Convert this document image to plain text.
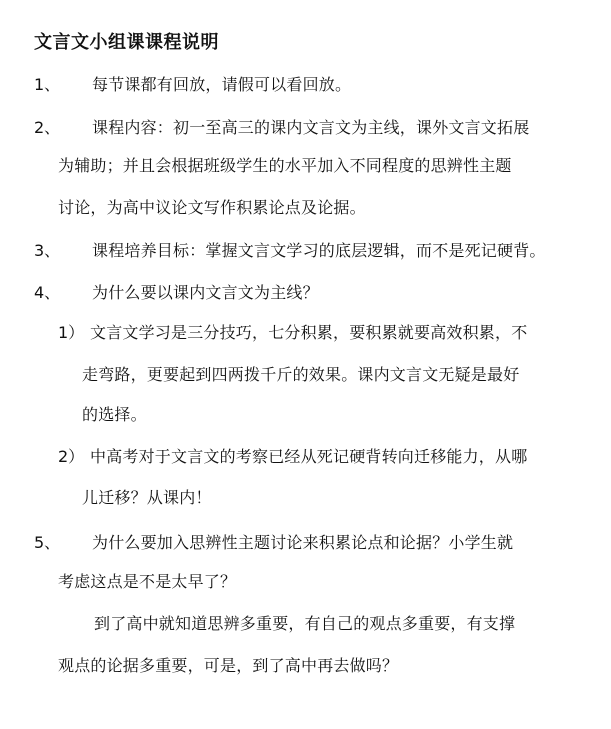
文言文小组课课程说明
1、 每节课都有回放，请假可以看回放。
2、 课程内容：初一至高三的课内文言文为主线，课外文言文拓展
为辅助；并且会根据班级学生的水平加入不同程度的思辨性主题
讨论，为高中议论文写作积累论点及论据。
3、 课程培养目标：掌握文言文学习的底层逻辑，而不是死记硬背。
4、 为什么要以课内文言文为主线？
1） 文言文学习是三分技巧，七分积累，要积累就要高效积累，不
走弯路，更要起到四两拨千斤的效果。课内文言文无疑是最好
的选择。
2） 中高考对于文言文的考察已经从死记硬背转向迁移能力，从哪
儿迁移？从课内！
5、 为什么要加入思辨性主题讨论来积累论点和论据？小学生就
考虑这点是不是太早了？
到了高中就知道思辨多重要，有自己的观点多重要，有支撑
观点的论据多重要，可是，到了高中再去做吗？
